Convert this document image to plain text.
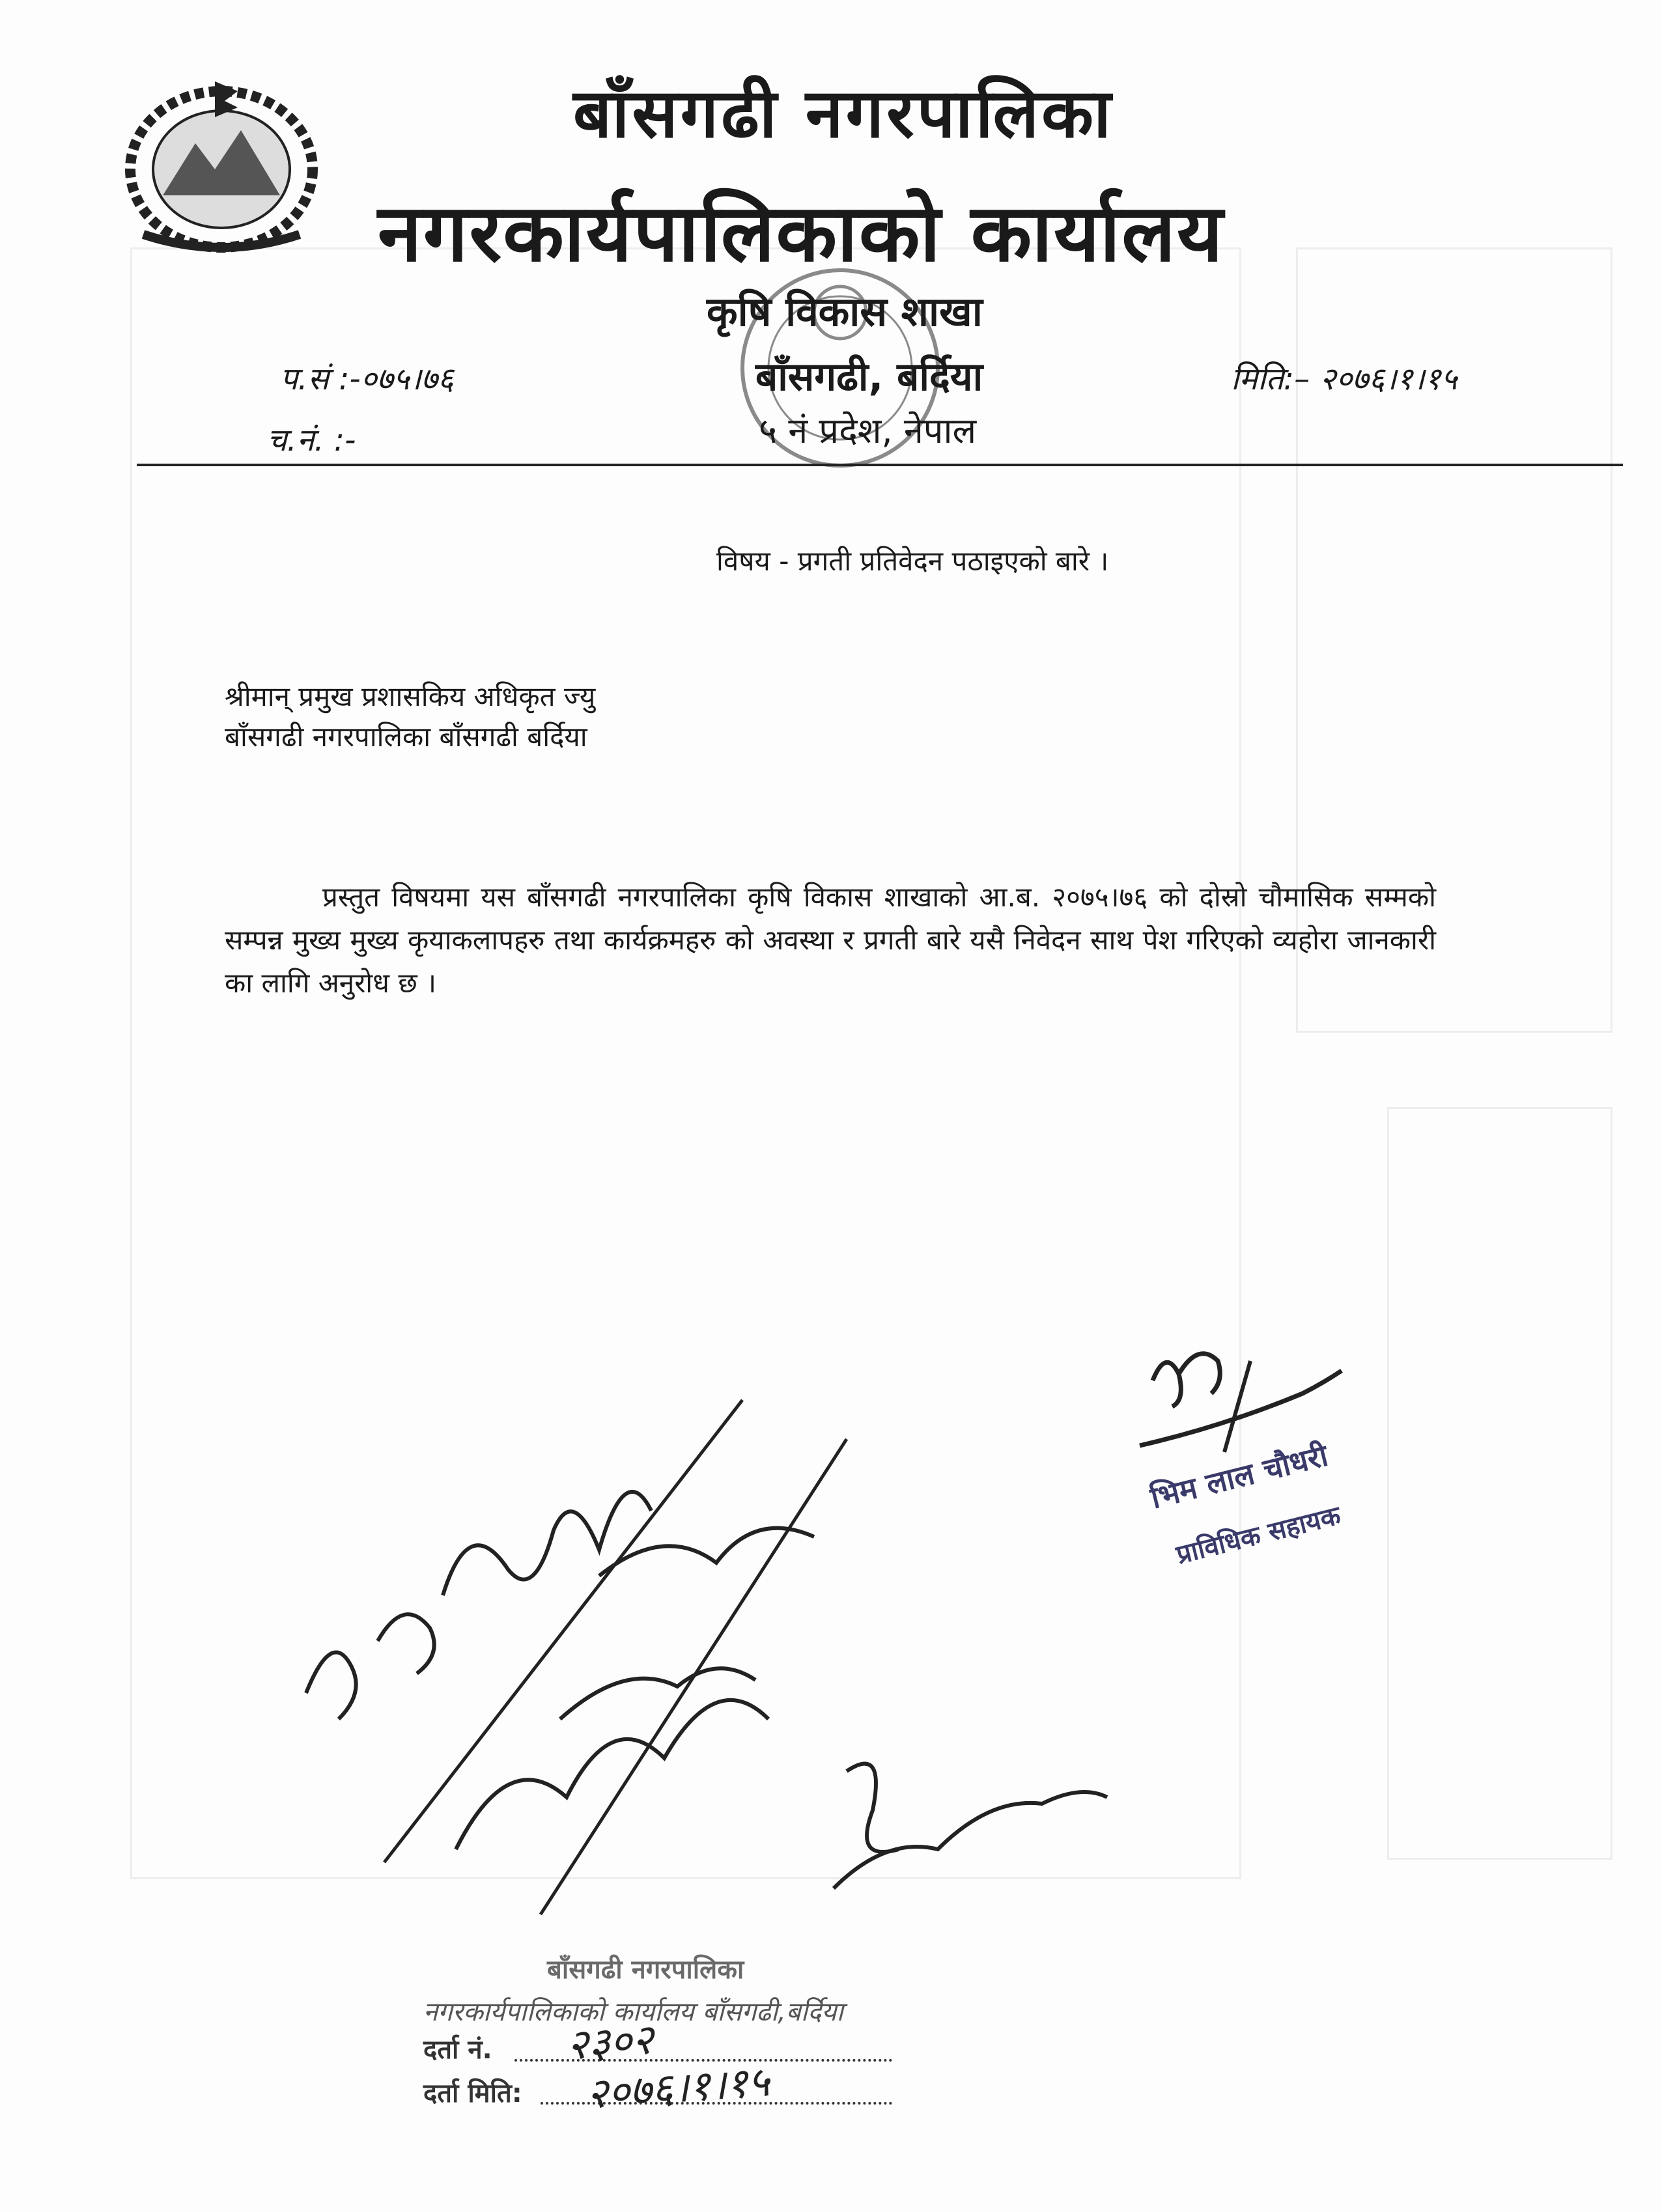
बाँसगढी नगरपालिका
नगरकार्यपालिकाको कार्यालय
कृषि विकास शाखा
बाँसगढी, बर्दिया
५ नं प्रदेश, नेपाल
प.सं :-०७५।७६
च.नं. :-
मिति:– २०७६।१।१५
विषय - प्रगती प्रतिवेदन पठाइएको बारे ।
श्रीमान् प्रमुख प्रशासकिय अधिकृत ज्यु
बाँसगढी नगरपालिका बाँसगढी बर्दिया
प्रस्तुत विषयमा यस बाँसगढी नगरपालिका कृषि विकास शाखाको आ.ब. २०७५।७६ को दोस्रो चौमासिक सम्मको सम्पन्न मुख्य मुख्य कृयाकलापहरु तथा कार्यक्रमहरु को अवस्था र प्रगती बारे यसै निवेदन साथ पेश गरिएको व्यहोरा जानकारी का लागि अनुरोध छ ।
भिम लाल चौधरी
प्राविधिक सहायक
बाँसगढी नगरपालिका
नगरकार्यपालिकाको कार्यालय बाँसगढी,बर्दिया
दर्ता नं. २३०२
दर्ता मिति: २०७६।१।१५
